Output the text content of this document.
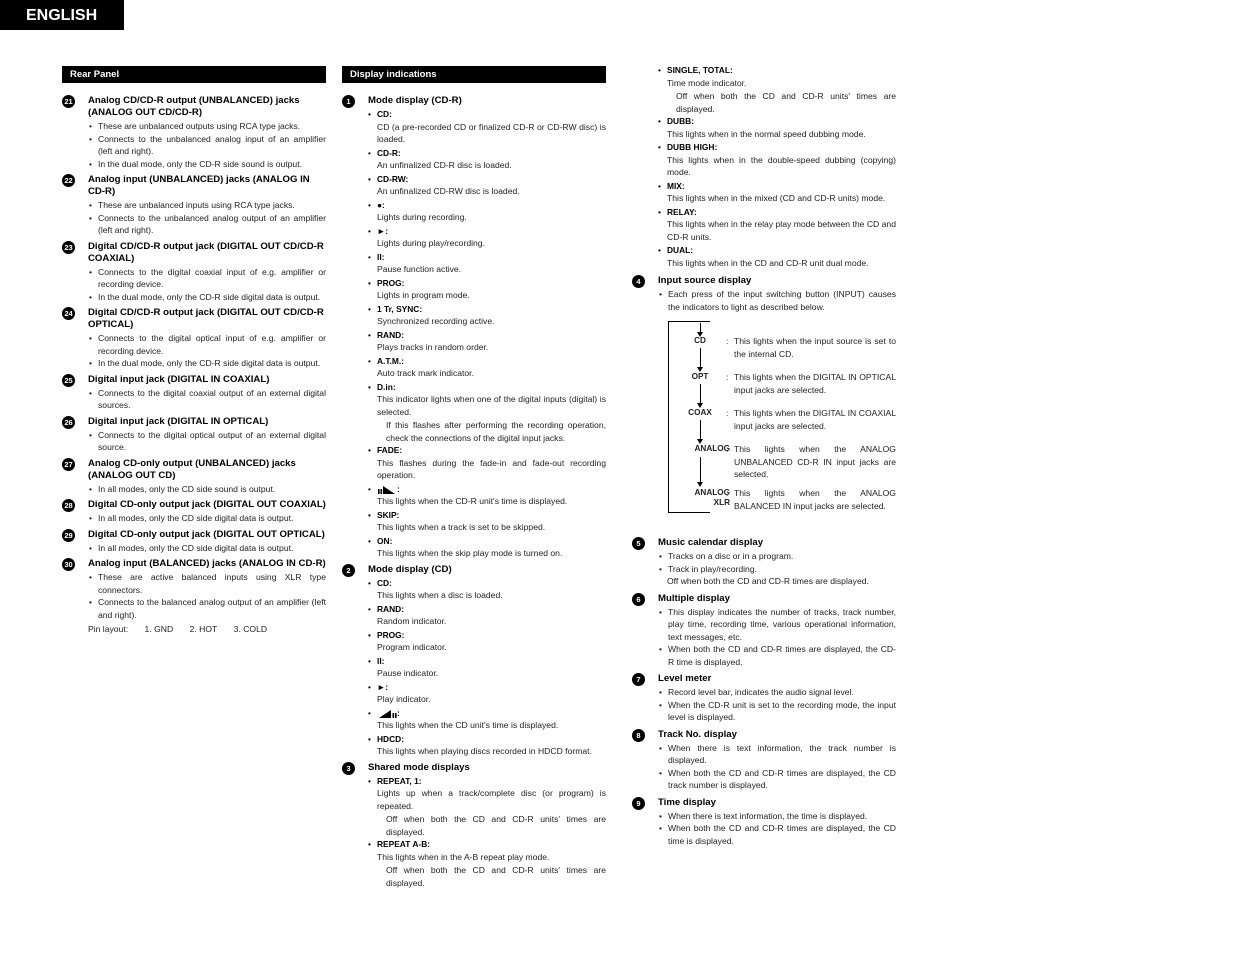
ENGLISH
Rear Panel
21 Analog CD/CD-R output (UNBALANCED) jacks (ANALOG OUT CD/CD-R)
• These are unbalanced outputs using RCA type jacks.
• Connects to the unbalanced analog input of an amplifier (left and right).
• In the dual mode, only the CD-R side sound is output.
22 Analog input (UNBALANCED) jacks (ANALOG IN CD-R)
• These are unbalanced inputs using RCA type jacks.
• Connects to the unbalanced analog output of an amplifier (left and right).
23 Digital CD/CD-R output jack (DIGITAL OUT CD/CD-R COAXIAL)
• Connects to the digital coaxial input of e.g. amplifier or recording device.
• In the dual mode, only the CD-R side digital data is output.
24 Digital CD/CD-R output jack (DIGITAL OUT CD/CD-R OPTICAL)
• Connects to the digital optical input of e.g. amplifier or recording device.
• In the dual mode, only the CD-R side digital data is output.
25 Digital input jack (DIGITAL IN COAXIAL)
• Connects to the digital coaxial output of an external digital sources.
26 Digital input jack (DIGITAL IN OPTICAL)
• Connects to the digital optical output of an external digital source.
27 Analog CD-only output (UNBALANCED) jacks (ANALOG OUT CD)
• In all modes, only the CD side sound is output.
28 Digital CD-only output jack (DIGITAL OUT COAXIAL)
• In all modes, only the CD side digital data is output.
29 Digital CD-only output jack (DIGITAL OUT OPTICAL)
• In all modes, only the CD side digital data is output.
30 Analog input (BALANCED) jacks (ANALOG IN CD-R)
• These are active balanced inputs using XLR type connectors.
• Connects to the balanced analog output of an amplifier (left and right).
Pin layout: 1. GND 2. HOT 3. COLD
Display indications
1	Mode display (CD-R)
• CD:
CD (a pre-recorded CD or finalized CD-R or CD-RW disc) is loaded.
• CD-R:
An unfinalized CD-R disc is loaded.
• CD-RW:
An unfinalized CD-RW disc is loaded.
• ●:
Lights during recording.
• ►:
Lights during play/recording.
• II:
Pause function active.
• PROG:
Lights in program mode.
• 1 Tr, SYNC:
Synchronized recording active.
• RAND:
Plays tracks in random order.
• A.T.M.:
Auto track mark indicator.
• D.in:
This indicator lights when one of the digital inputs (digital) is selected.
If this flashes after performing the recording operation, check the connections of the digital input jacks.
• FADE:
This flashes during the fade-in and fade-out recording operation.
• :
This lights when the CD-R unit's time is displayed.
• SKIP:
This lights when a track is set to be skipped.
• ON:
This lights when the skip play mode is turned on.
2	Mode display (CD)
• CD:
This lights when a disc is loaded.
• RAND:
Random indicator.
• PROG:
Program indicator.
• II:
Pause indicator.
• ►:
Play indicator.
• :
This lights when the CD unit's time is displayed.
• HDCD:
This lights when playing discs recorded in HDCD format.
3	Shared mode displays
• REPEAT, 1:
Lights up when a track/complete disc (or program) is repeated.
Off when both the CD and CD-R units' times are displayed.
• REPEAT A-B:
This lights when in the A-B repeat play mode.
Off when both the CD and CD-R units' times are displayed.
• SINGLE, TOTAL:
Time mode indicator.
Off when both the CD and CD-R units' times are displayed.
• DUBB:
This lights when in the normal speed dubbing mode.
• DUBB HIGH:
This lights when in the double-speed dubbing (copying) mode.
• MIX:
This lights when in the mixed (CD and CD-R units) mode.
• RELAY:
This lights when in the relay play mode between the CD and CD-R units.
• DUAL:
This lights when in the CD and CD-R unit dual mode.
4	Input source display
• Each press of the input switching button (INPUT) causes the indicators to light as described below.
CD	: This lights when the input source is set to the internal CD.
OPT	: This lights when the DIGITAL IN OPTICAL input jacks are selected.
COAX	: This lights when the DIGITAL IN COAXIAL input jacks are selected.
ANALOG : This lights when the ANALOG UNBALANCED CD-R IN input jacks are selected.
ANALOG
XLR
: This lights when the ANALOG BALANCED IN input jacks are selected.
5	Music calendar display
• Tracks on a disc or in a program.
• Track in play/recording.
Off when both the CD and CD-R times are displayed.
6	Multiple display
• This display indicates the number of tracks, track number, play time, recording time, various operational information, text messages, etc.
• When both the CD and CD-R times are displayed, the CD-R time is displayed.
7	Level meter
• Record level bar, indicates the audio signal level.
• When the CD-R unit is set to the recording mode, the input level is displayed.
8	Track No. display
• When there is text information, the track number is displayed.
• When both the CD and CD-R times are displayed, the CD track number is displayed.
9	Time display
• When there is text information, the time is displayed.
• When both the CD and CD-R times are displayed, the CD time is displayed.
